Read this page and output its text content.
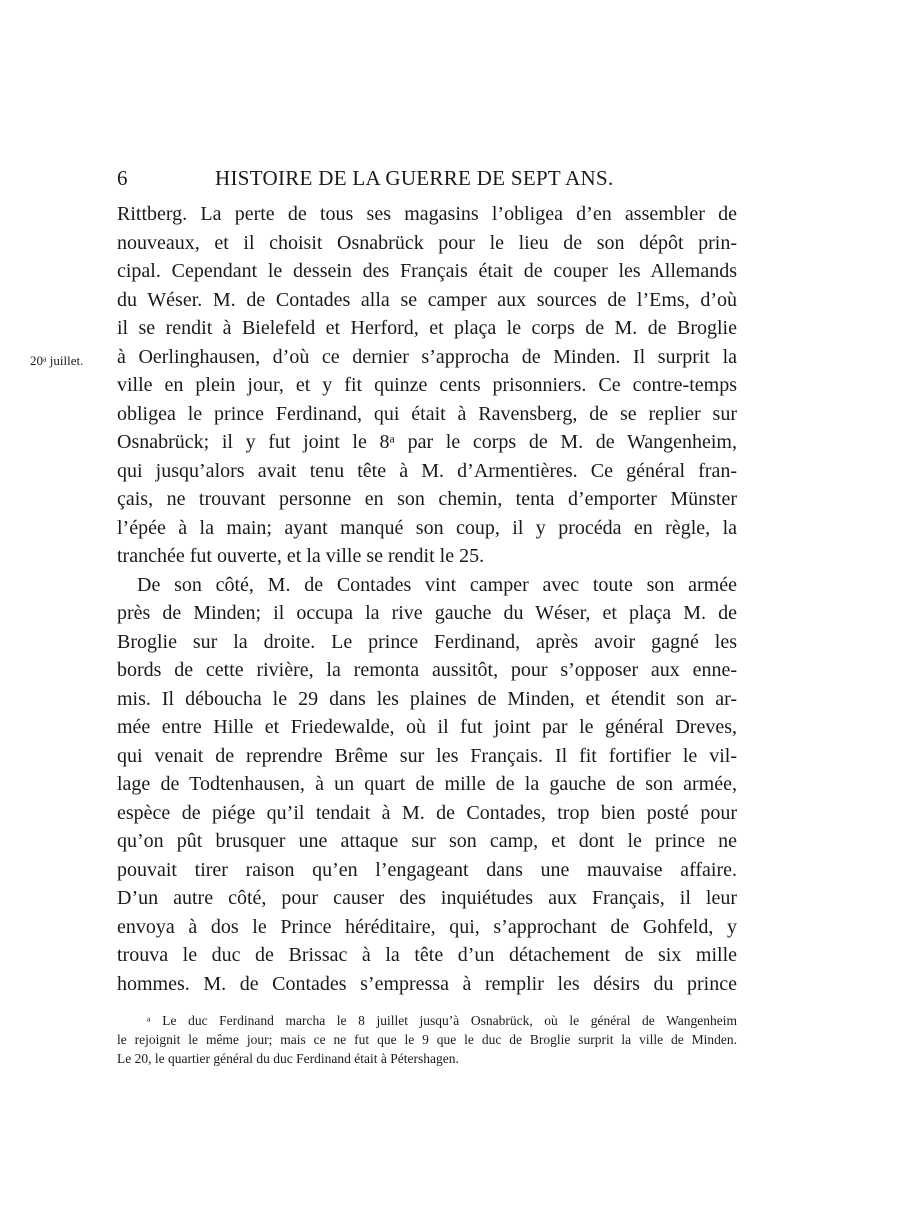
6	HISTOIRE DE LA GUERRE DE SEPT ANS.
20ᵃ juillet.
Rittberg. La perte de tous ses magasins l’obligea d’en assembler de
nouveaux, et il choisit Osnabrück pour le lieu de son dépôt prin-
cipal. Cependant le dessein des Français était de couper les Allemands
du Wéser. M. de Contades alla se camper aux sources de l’Ems, d’où
il se rendit à Bielefeld et Herford, et plaça le corps de M. de Broglie
à Oerlinghausen, d’où ce dernier s’approcha de Minden. Il surprit la
ville en plein jour, et y fit quinze cents prisonniers. Ce contre-temps
obligea le prince Ferdinand, qui était à Ravensberg, de se replier sur
Osnabrück; il y fut joint le 8ᵃ par le corps de M. de Wangenheim,
qui jusqu’alors avait tenu tête à M. d’Armentières. Ce général fran-
çais, ne trouvant personne en son chemin, tenta d’emporter Münster
l’épée à la main; ayant manqué son coup, il y procéda en règle, la
tranchée fut ouverte, et la ville se rendit le 25.
De son côté, M. de Contades vint camper avec toute son armée
près de Minden; il occupa la rive gauche du Wéser, et plaça M. de
Broglie sur la droite. Le prince Ferdinand, après avoir gagné les
bords de cette rivière, la remonta aussitôt, pour s’opposer aux enne-
mis. Il déboucha le 29 dans les plaines de Minden, et étendit son ar-
mée entre Hille et Friedewalde, où il fut joint par le général Dreves,
qui venait de reprendre Brême sur les Français. Il fit fortifier le vil-
lage de Todtenhausen, à un quart de mille de la gauche de son armée,
espèce de piége qu’il tendait à M. de Contades, trop bien posté pour
qu’on pût brusquer une attaque sur son camp, et dont le prince ne
pouvait tirer raison qu’en l’engageant dans une mauvaise affaire.
D’un autre côté, pour causer des inquiétudes aux Français, il leur
envoya à dos le Prince héréditaire, qui, s’approchant de Gohfeld, y
trouva le duc de Brissac à la tête d’un détachement de six mille
hommes. M. de Contades s’empressa à remplir les désirs du prince
ᵃ Le duc Ferdinand marcha le 8 juillet jusqu’à Osnabrück, où le général de Wangenheim
le rejoignit le même jour; mais ce ne fut que le 9 que le duc de Broglie surprit la ville de Minden.
Le 20, le quartier général du duc Ferdinand était à Pétershagen.
